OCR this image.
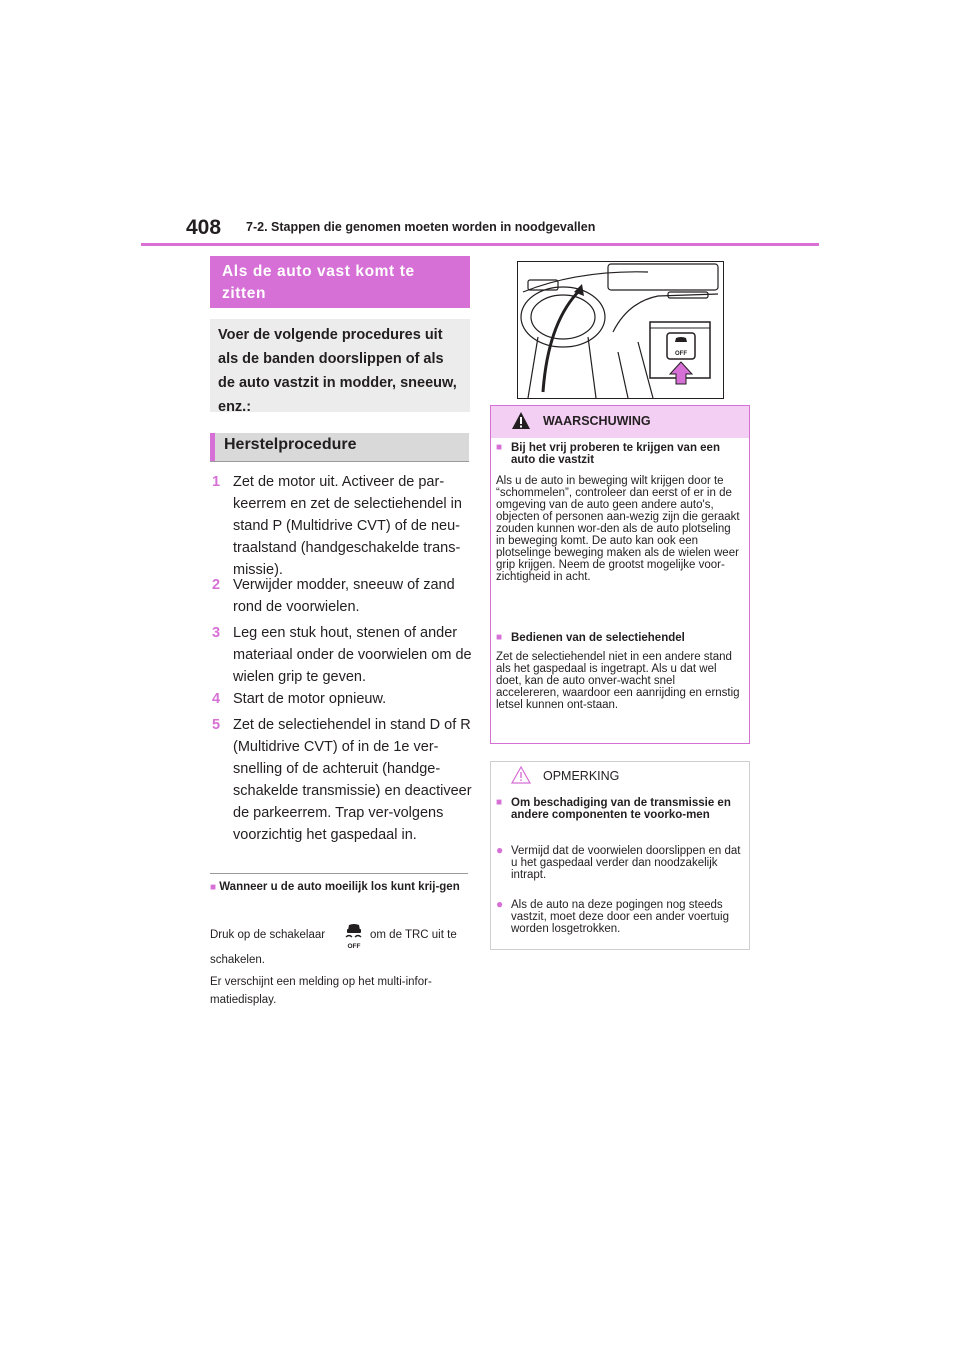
408 7-2. Stappen die genomen moeten worden in noodgevallen
Als de auto vast komt te zitten
Voer de volgende procedures uit als de banden doorslippen of als de auto vastzit in modder, sneeuw, enz.:
Herstelprocedure
1 Zet de motor uit. Activeer de par-keerrem en zet de selectiehendel in stand P (Multidrive CVT) of de neu-traalstand (handgeschakelde trans-missie).
2 Verwijder modder, sneeuw of zand rond de voorwielen.
3 Leg een stuk hout, stenen of ander materiaal onder de voorwielen om de wielen grip te geven.
4 Start de motor opnieuw.
5 Zet de selectiehendel in stand D of R (Multidrive CVT) of in de 1e ver-snelling of de achteruit (handge-schakelde transmissie) en deactiveer de parkeerrem. Trap ver-volgens voorzichtig het gaspedaal in.
■ Wanneer u de auto moeilijk los kunt krij-gen
Druk op de schakelaar
OFF
om de TRC uit te
schakelen.
Er verschijnt een melding op het multi-infor-matiedisplay.
OFF
WAARSCHUWING
■ Bij het vrij proberen te krijgen van een auto die vastzit
Als u de auto in beweging wilt krijgen door te “schommelen”, controleer dan eerst of er in de omgeving van de auto geen andere auto's, objecten of personen aan-wezig zijn die geraakt zouden kunnen wor-den als de auto plotseling in beweging komt. De auto kan ook een plotselinge beweging maken als de wielen weer grip krijgen. Neem de grootst mogelijke voor-zichtigheid in acht.
■ Bedienen van de selectiehendel
Zet de selectiehendel niet in een andere stand als het gaspedaal is ingetrapt. Als u dat wel doet, kan de auto onver-wacht snel accelereren, waardoor een aanrijding en ernstig letsel kunnen ont-staan.
OPMERKING
■ Om beschadiging van de transmissie en andere componenten te voorko-men
● Vermijd dat de voorwielen doorslippen en dat u het gaspedaal verder dan noodzakelijk intrapt.
● Als de auto na deze pogingen nog steeds vastzit, moet deze door een ander voertuig worden losgetrokken.
